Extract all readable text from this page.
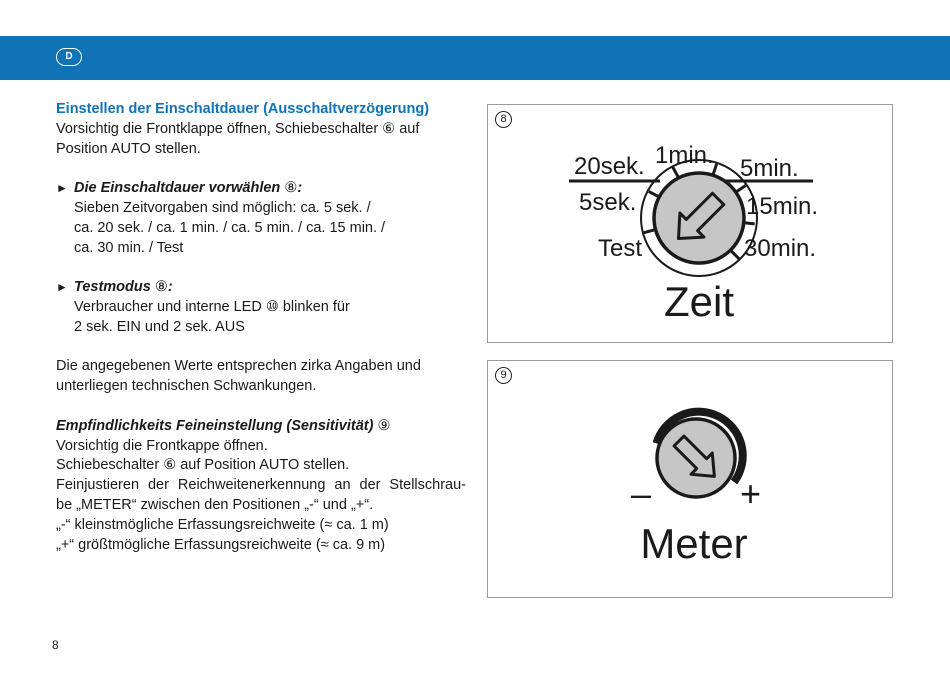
D
Einstellen der Einschaltdauer (Ausschaltverzögerung)
Vorsichtig die Frontklappe öffnen, Schiebeschalter ⑥ auf
Position AUTO stellen.
► Die Einschaltdauer vorwählen ⑧:
Sieben Zeitvorgaben sind möglich: ca. 5 sek. /
ca. 20 sek. / ca. 1 min. / ca. 5 min. / ca. 15 min. /
ca. 30 min. / Test
► Testmodus ⑧:
Verbraucher und interne LED ⑩ blinken für
2 sek. EIN und 2 sek. AUS
Die angegebenen Werte entsprechen zirka Angaben und
unterliegen technischen Schwankungen.
Empfindlichkeits Feineinstellung (Sensitivität) ⑨
Vorsichtig die Frontkappe öffnen.
Schiebeschalter ⑥ auf Position AUTO stellen.
Feinjustieren der Reichweitenerkennung an der Stellschrau-
be „METER“ zwischen den Positionen „-“ und „+“.
„-“ kleinstmögliche Erfassungsreichweite (≈ ca. 1 m)
„+“ größtmögliche Erfassungsreichweite (≈ ca. 9 m)
8
8
20sek. 1min. 5min.
5sek.	15min.
Test	30min.
Zeit
9
– +
Meter
